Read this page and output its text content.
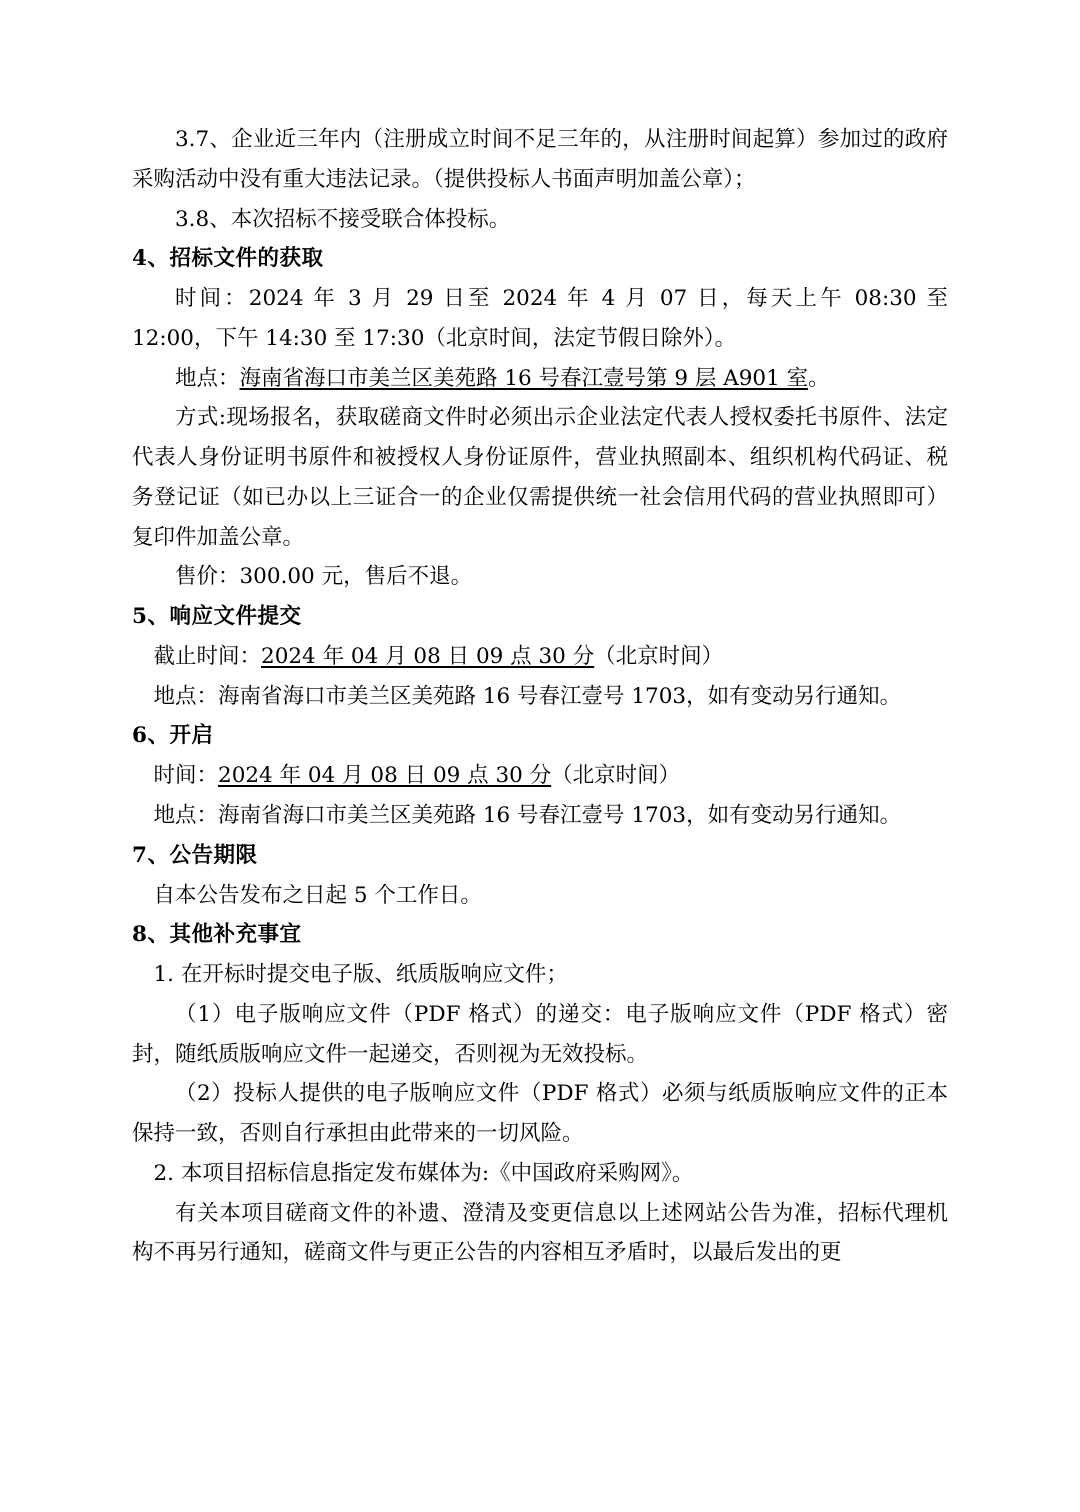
3.7、企业近三年内（注册成立时间不足三年的，从注册时间起算）参加过的政府采购活动中没有重大违法记录。（提供投标人书面声明加盖公章）；

3.8、本次招标不接受联合体投标。

4、招标文件的获取

时间：2024 年 3 月 29 日至 2024 年 4 月 07 日，每天上午 08:30 至 12:00，下午 14:30 至 17:30（北京时间，法定节假日除外）。

地点：海南省海口市美兰区美苑路 16 号春江壹号第 9 层 A901 室。

方式:现场报名，获取磋商文件时必须出示企业法定代表人授权委托书原件、法定代表人身份证明书原件和被授权人身份证原件，营业执照副本、组织机构代码证、税务登记证（如已办以上三证合一的企业仅需提供统一社会信用代码的营业执照即可）复印件加盖公章。

售价：300.00 元，售后不退。

5、响应文件提交

截止时间：2024 年 04 月 08 日 09 点 30 分（北京时间）

地点：海南省海口市美兰区美苑路 16 号春江壹号 1703，如有变动另行通知。

6、开启

时间：2024 年 04 月 08 日 09 点 30 分（北京时间）

地点：海南省海口市美兰区美苑路 16 号春江壹号 1703，如有变动另行通知。

7、公告期限

自本公告发布之日起 5 个工作日。

8、其他补充事宜

1. 在开标时提交电子版、纸质版响应文件；

（1）电子版响应文件（PDF 格式）的递交：电子版响应文件（PDF 格式）密封，随纸质版响应文件一起递交，否则视为无效投标。

（2）投标人提供的电子版响应文件（PDF 格式）必须与纸质版响应文件的正本保持一致，否则自行承担由此带来的一切风险。

2. 本项目招标信息指定发布媒体为:《中国政府采购网》。

有关本项目磋商文件的补遗、澄清及变更信息以上述网站公告为准，招标代理机构不再另行通知，磋商文件与更正公告的内容相互矛盾时，以最后发出的更
